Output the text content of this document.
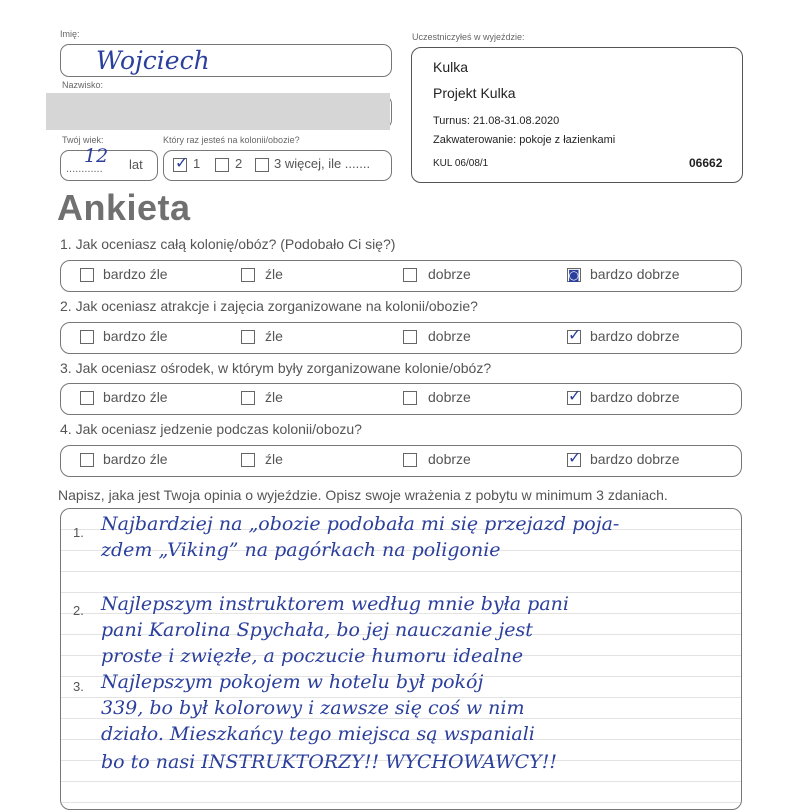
Imię:
Wojciech
Nazwisko:
Twój wiek:
............
12 lat
Który raz jesteś na kolonii/obozie?
✓ 1	2 3 więcej, ile .......
Uczestniczyłeś w wyjeździe:
Kulka
Projekt Kulka
Turnus: 21.08-31.08.2020
Zakwaterowanie: pokoje z łazienkami
KUL 06/08/1	06662
Ankieta
1. Jak oceniasz całą kolonię/obóz? (Podobało Ci się?)
bardzo źle	źle	dobrze	◙ bardzo dobrze
2. Jak oceniasz atrakcje i zajęcia zorganizowane na kolonii/obozie?
bardzo źle	źle	dobrze	✓ bardzo dobrze
3. Jak oceniasz ośrodek, w którym były zorganizowane kolonie/obóz?
bardzo źle	źle	dobrze	✓ bardzo dobrze
4. Jak oceniasz jedzenie podczas kolonii/obozu?
bardzo źle	źle	dobrze	✓ bardzo dobrze
Napisz, jaka jest Twoja opinia o wyjeździe. Opisz swoje wrażenia z pobytu w minimum 3 zdaniach.
1.
2.
3.
Najbardziej na „obozie podobała mi się przejazd poja-
zdem „Viking” na pagórkach na poligonie
Najlepszym instruktorem według mnie była pani
pani Karolina Spychała, bo jej nauczanie jest
proste i zwięzłe, a poczucie humoru idealne
Najlepszym pokojem w hotelu był pokój
339, bo był kolorowy i zawsze się coś w nim
działo. Mieszkańcy tego miejsca są wspaniali
bo to nasi INSTRUKTORZY!! WYCHOWAWCY!!
